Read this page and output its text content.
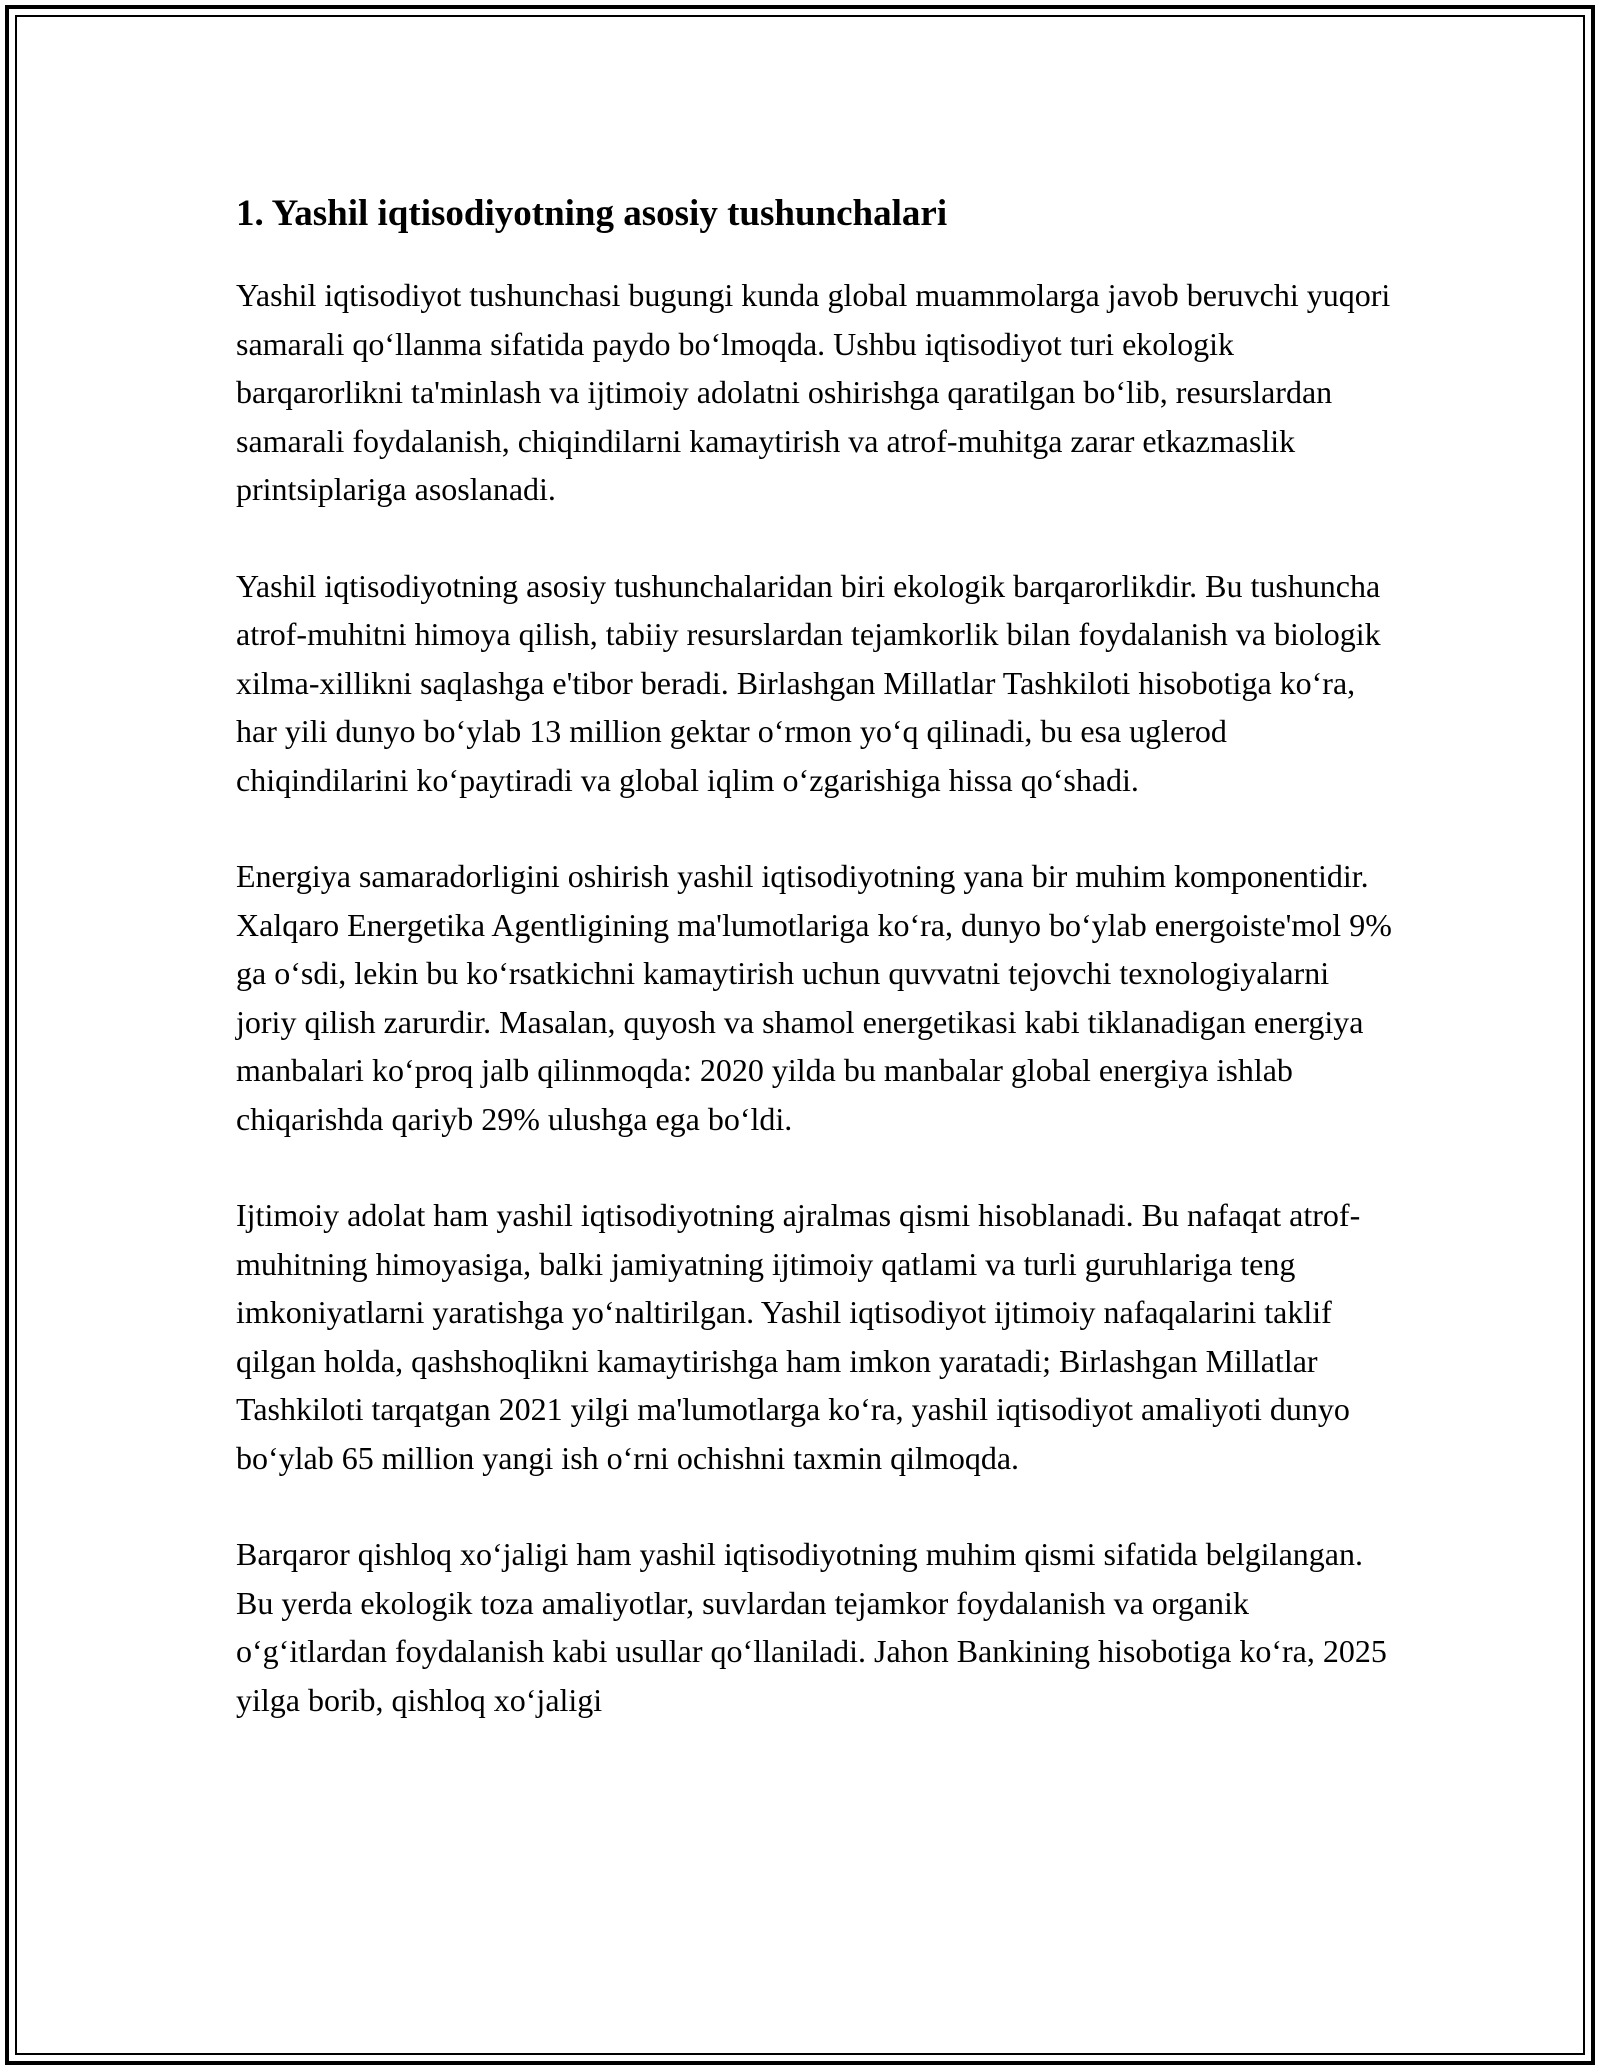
1. Yashil iqtisodiyotning asosiy tushunchalari

Yashil iqtisodiyot tushunchasi bugungi kunda global muammolarga javob beruvchi yuqori samarali qo‘llanma sifatida paydo bo‘lmoqda. Ushbu iqtisodiyot turi ekologik barqarorlikni ta'minlash va ijtimoiy adolatni oshirishga qaratilgan bo‘lib, resurslardan samarali foydalanish, chiqindilarni kamaytirish va atrof-muhitga zarar etkazmaslik printsiplariga asoslanadi.

Yashil iqtisodiyotning asosiy tushunchalaridan biri ekologik barqarorlikdir. Bu tushuncha atrof-muhitni himoya qilish, tabiiy resurslardan tejamkorlik bilan foydalanish va biologik xilma-xillikni saqlashga e'tibor beradi. Birlashgan Millatlar Tashkiloti hisobotiga ko‘ra, har yili dunyo bo‘ylab 13 million gektar o‘rmon yo‘q qilinadi, bu esa uglerod chiqindilarini ko‘paytiradi va global iqlim o‘zgarishiga hissa qo‘shadi.

Energiya samaradorligini oshirish yashil iqtisodiyotning yana bir muhim komponentidir. Xalqaro Energetika Agentligining ma'lumotlariga ko‘ra, dunyo bo‘ylab energoiste'mol 9% ga o‘sdi, lekin bu ko‘rsatkichni kamaytirish uchun quvvatni tejovchi texnologiyalarni joriy qilish zarurdir. Masalan, quyosh va shamol energetikasi kabi tiklanadigan energiya manbalari ko‘proq jalb qilinmoqda: 2020 yilda bu manbalar global energiya ishlab chiqarishda qariyb 29% ulushga ega bo‘ldi.

Ijtimoiy adolat ham yashil iqtisodiyotning ajralmas qismi hisoblanadi. Bu nafaqat atrof-muhitning himoyasiga, balki jamiyatning ijtimoiy qatlami va turli guruhlariga teng imkoniyatlarni yaratishga yo‘naltirilgan. Yashil iqtisodiyot ijtimoiy nafaqalarini taklif qilgan holda, qashshoqlikni kamaytirishga ham imkon yaratadi; Birlashgan Millatlar Tashkiloti tarqatgan 2021 yilgi ma'lumotlarga ko‘ra, yashil iqtisodiyot amaliyoti dunyo bo‘ylab 65 million yangi ish o‘rni ochishni taxmin qilmoqda.

Barqaror qishloq xo‘jaligi ham yashil iqtisodiyotning muhim qismi sifatida belgilangan. Bu yerda ekologik toza amaliyotlar, suvlardan tejamkor foydalanish va organik o‘g‘itlardan foydalanish kabi usullar qo‘llaniladi. Jahon Bankining hisobotiga ko‘ra, 2025 yilga borib, qishloq xo‘jaligi
